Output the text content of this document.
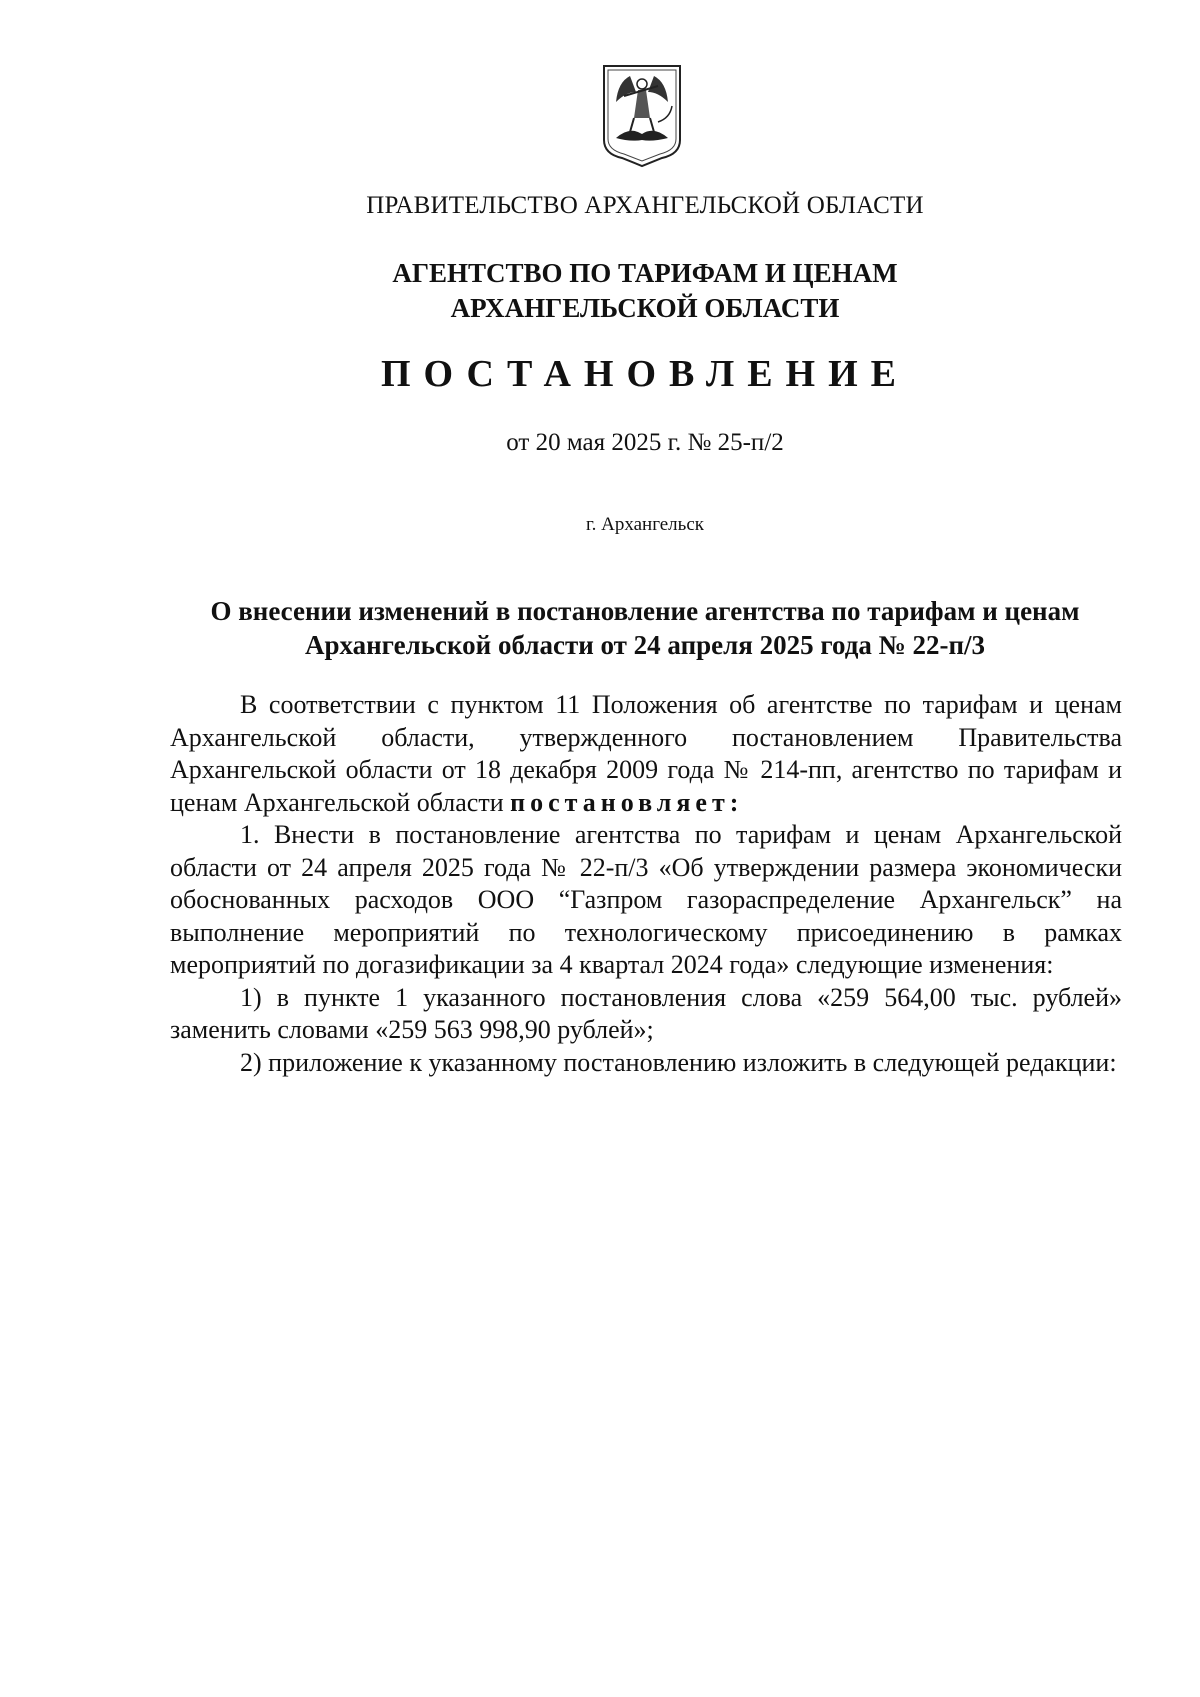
ПРАВИТЕЛЬСТВО АРХАНГЕЛЬСКОЙ ОБЛАСТИ
АГЕНТСТВО ПО ТАРИФАМ И ЦЕНАМ
АРХАНГЕЛЬСКОЙ ОБЛАСТИ
ПОСТАНОВЛЕНИЕ
от 20 мая 2025 г. № 25-п/2
г. Архангельск
О внесении изменений в постановление агентства по тарифам и ценам
Архангельской области от 24 апреля 2025 года № 22-п/3

В соответствии с пунктом 11 Положения об агентстве по тарифам и ценам Архангельской области, утвержденного постановлением Правительства Архангельской области от 18 декабря 2009 года № 214-пп, агентство по тарифам и ценам Архангельской области постановляет:

1. Внести в постановление агентства по тарифам и ценам Архангельской области от 24 апреля 2025 года № 22-п/3 «Об утверждении размера экономически обоснованных расходов ООО “Газпром газораспределение Архангельск” на выполнение мероприятий по технологическому присоединению в рамках мероприятий по догазификации за 4 квартал 2024 года» следующие изменения:

1) в пункте 1 указанного постановления слова «259 564,00 тыс. рублей» заменить словами «259 563 998,90 рублей»;

2) приложение к указанному постановлению изложить в следующей редакции:
